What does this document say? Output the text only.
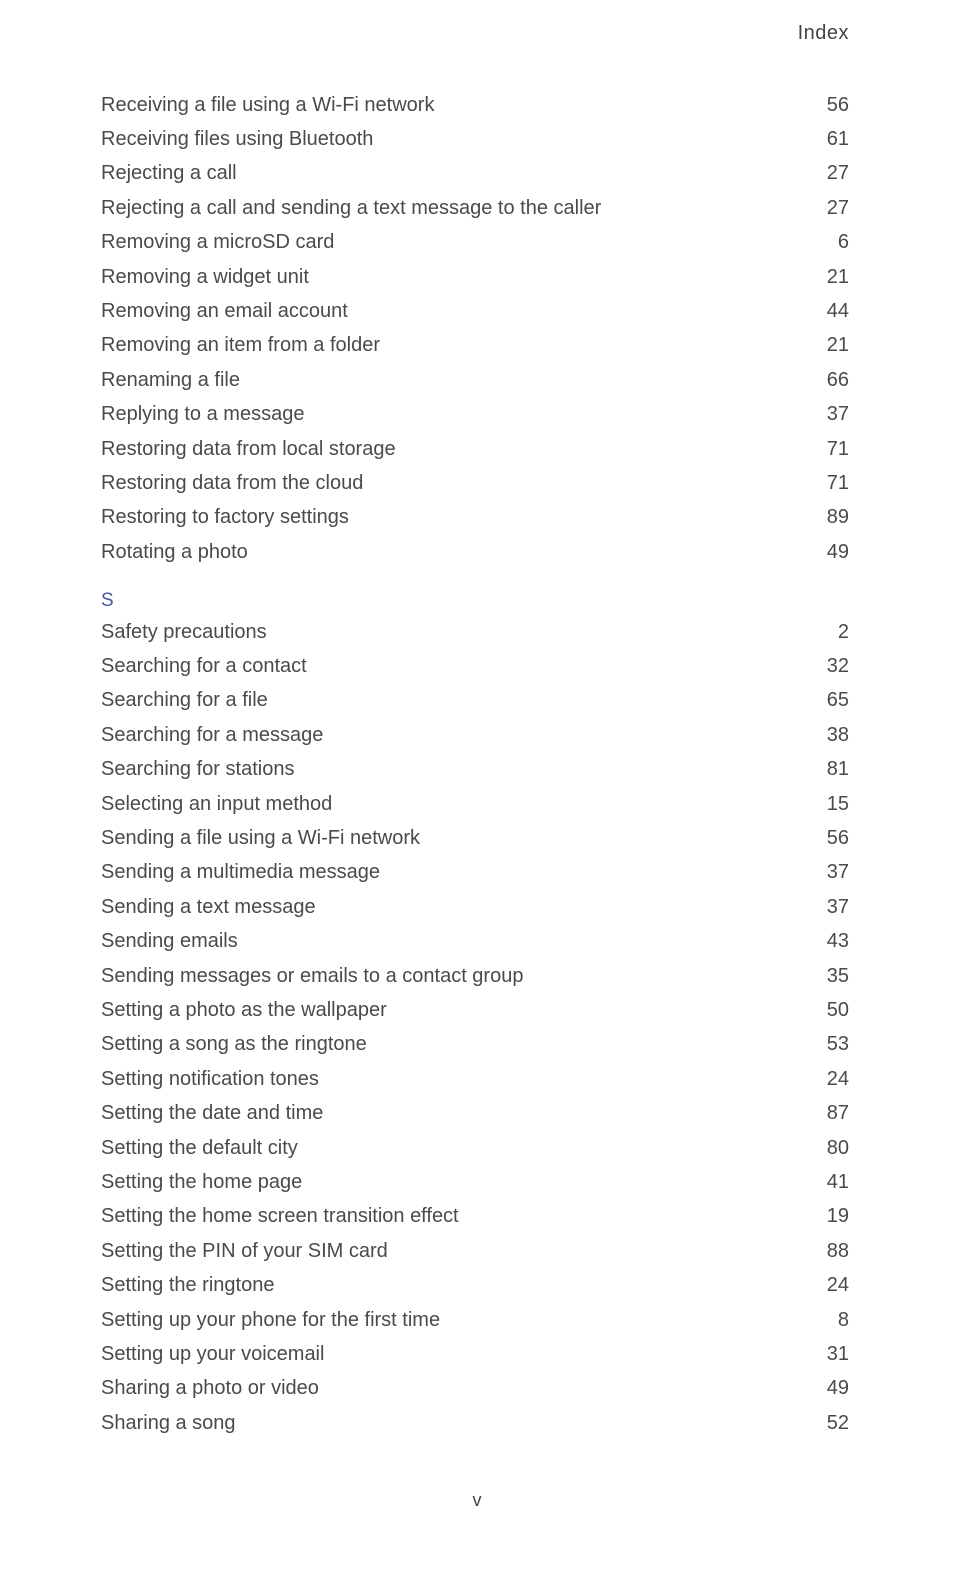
Index
Receiving a file using a Wi-Fi network	56
Receiving files using Bluetooth	61
Rejecting a call	27
Rejecting a call and sending a text message to the caller	27
Removing a microSD card	6
Removing a widget unit	21
Removing an email account	44
Removing an item from a folder	21
Renaming a file	66
Replying to a message	37
Restoring data from local storage	71
Restoring data from the cloud	71
Restoring to factory settings	89
Rotating a photo	49
S
Safety precautions	2
Searching for a contact	32
Searching for a file	65
Searching for a message	38
Searching for stations	81
Selecting an input method	15
Sending a file using a Wi-Fi network	56
Sending a multimedia message	37
Sending a text message	37
Sending emails	43
Sending messages or emails to a contact group	35
Setting a photo as the wallpaper	50
Setting a song as the ringtone	53
Setting notification tones	24
Setting the date and time	87
Setting the default city	80
Setting the home page	41
Setting the home screen transition effect	19
Setting the PIN of your SIM card	88
Setting the ringtone	24
Setting up your phone for the first time	8
Setting up your voicemail	31
Sharing a photo or video	49
Sharing a song	52
v
